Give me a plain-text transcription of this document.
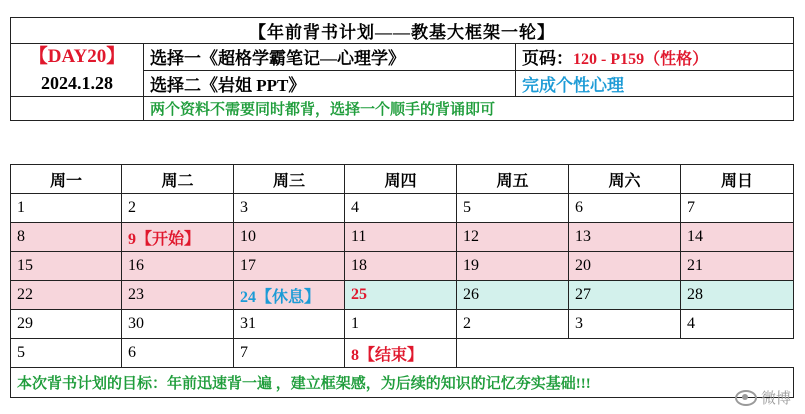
【年前背书计划——教基大框架一轮】		

【DAY20】
2024.1.28	选择一《超格学霸笔记—心理学》	页码：120 - P159（性格）
	选择二《岩姐 PPT》	完成个性心理
	两个资料不需要同时都背，选择一个顺手的背诵即可	
周一	周二	周三	周四	周五	周六	周日
1	2	3	4	5	6	7
8	9【开始】	10	11	12	13	14
15	16	17	18	19	20	21
22	23	24【休息】	25	26	27	28
29	30	31	1	2	3	4
5	6	7	8【结束】			
本次背书计划的目标：年前迅速背一遍 ，建立框架感，为后续的知识的记忆夯实基础!!!						
微博
